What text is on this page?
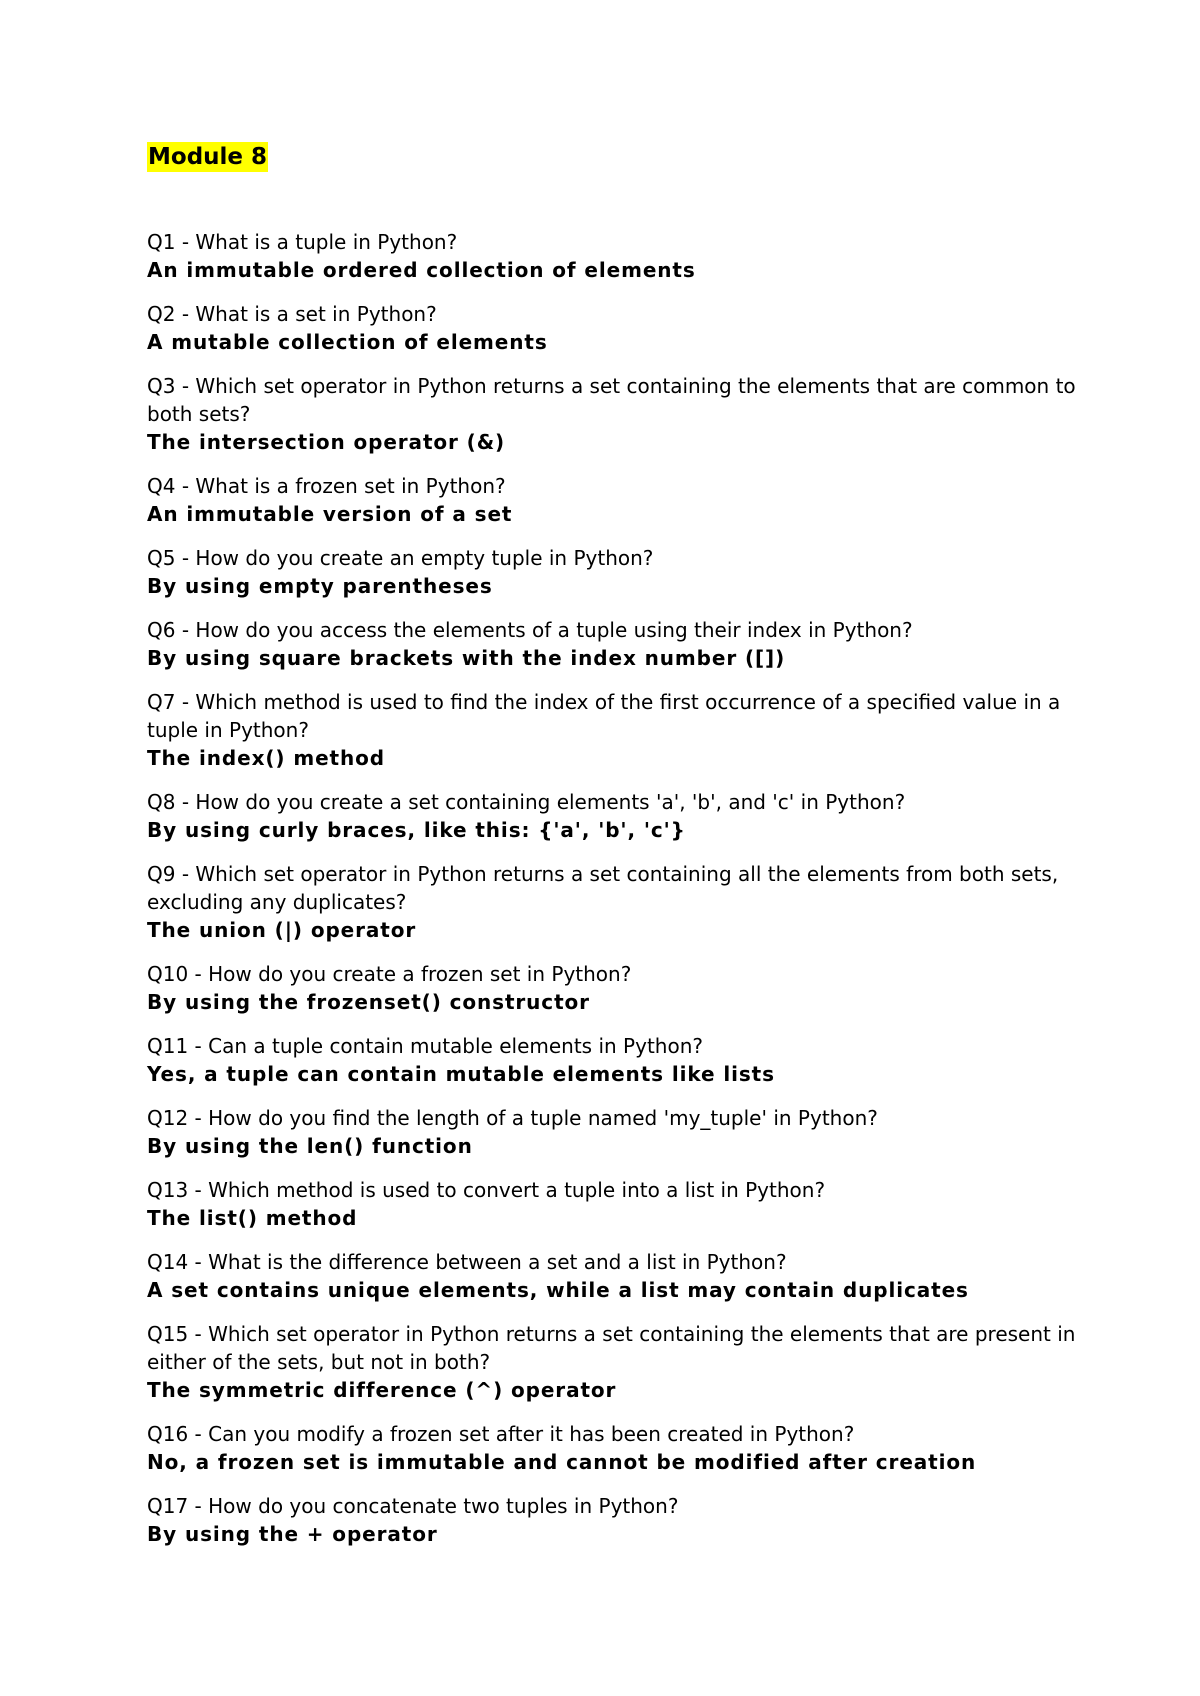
Module 8

Q1 - What is a tuple in Python?

An immutable ordered collection of elements

Q2 - What is a set in Python?

A mutable collection of elements

Q3 - Which set operator in Python returns a set containing the elements that are common to both sets?

The intersection operator (&)

Q4 - What is a frozen set in Python?

An immutable version of a set

Q5 - How do you create an empty tuple in Python?

By using empty parentheses

Q6 - How do you access the elements of a tuple using their index in Python?

By using square brackets with the index number ([])

Q7 - Which method is used to find the index of the first occurrence of a specified value in a tuple in Python?

The index() method

Q8 - How do you create a set containing elements 'a', 'b', and 'c' in Python?

By using curly braces, like this: {'a', 'b', 'c'}

Q9 - Which set operator in Python returns a set containing all the elements from both sets, excluding any duplicates?

The union (|) operator

Q10 - How do you create a frozen set in Python?

By using the frozenset() constructor

Q11 - Can a tuple contain mutable elements in Python?

Yes, a tuple can contain mutable elements like lists

Q12 - How do you find the length of a tuple named 'my_tuple' in Python?

By using the len() function

Q13 - Which method is used to convert a tuple into a list in Python?

The list() method

Q14 - What is the difference between a set and a list in Python?

A set contains unique elements, while a list may contain duplicates

Q15 - Which set operator in Python returns a set containing the elements that are present in either of the sets, but not in both?

The symmetric difference (^) operator

Q16 - Can you modify a frozen set after it has been created in Python?

No, a frozen set is immutable and cannot be modified after creation

Q17 - How do you concatenate two tuples in Python?

By using the + operator
